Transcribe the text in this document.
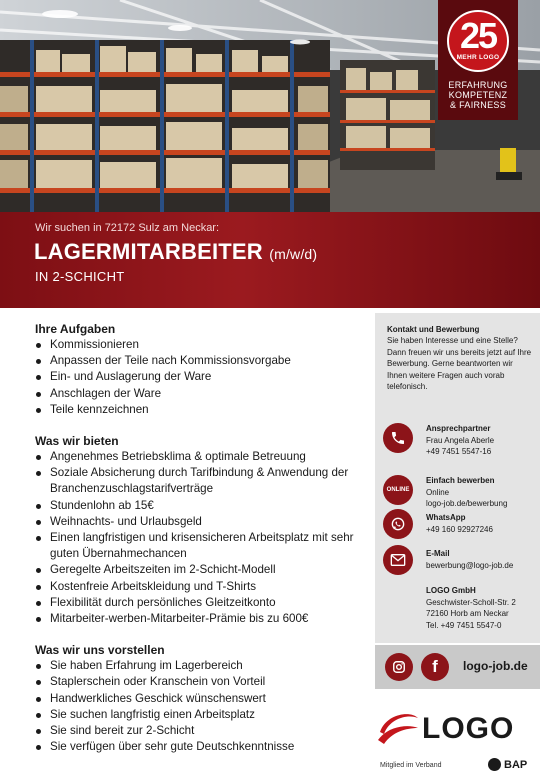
25
MEHR LOGO
ERFAHRUNG
KOMPETENZ
& FAIRNESS
Wir suchen in 72172 Sulz am Neckar:
LAGERMITARBEITER (m/w/d)
IN 2-SCHICHT
Ihre Aufgaben
Kommissionieren
Anpassen der Teile nach Kommissionsvorgabe
Ein- und Auslagerung der Ware
Anschlagen der Ware
Teile kennzeichnen
Was wir bieten
Angenehmes Betriebsklima & optimale Betreuung
Soziale Absicherung durch Tarifbindung & Anwendung der Branchenzuschlagstarifverträge
Stundenlohn ab 15€
Weihnachts- und Urlaubsgeld
Einen langfristigen und krisensicheren Arbeitsplatz mit sehr guten Übernahmechancen
Geregelte Arbeitszeiten im 2-Schicht-Modell
Kostenfreie Arbeitskleidung und T-Shirts
Flexibilität durch persönliches Gleitzeitkonto
Mitarbeiter-werben-Mitarbeiter-Prämie bis zu 600€
Was wir uns vorstellen
Sie haben Erfahrung im Lagerbereich
Staplerschein oder Kranschein von Vorteil
Handwerkliches Geschick wünschenswert
Sie suchen langfristig einen Arbeitsplatz
Sie sind bereit zur 2-Schicht
Sie verfügen über sehr gute Deutschkenntnisse
Kontakt und Bewerbung
Sie haben Interesse und eine Stelle? Dann freuen wir uns bereits jetzt auf Ihre Bewerbung. Gerne beantworten wir Ihnen weitere Fragen auch vorab telefonisch.
Ansprechpartner
Frau Angela Aberle
+49 7451 5547-16
ONLINE
Einfach bewerben
Online
logo-job.de/bewerbung
WhatsApp
+49 160 92927246
E-Mail
bewerbung@logo-job.de
LOGO GmbH
Geschwister-Scholl-Str. 2
72160 Horb am Neckar
Tel. +49 7451 5547-0
f logo-job.de
LOGO
Mitglied im Verband	BAP
